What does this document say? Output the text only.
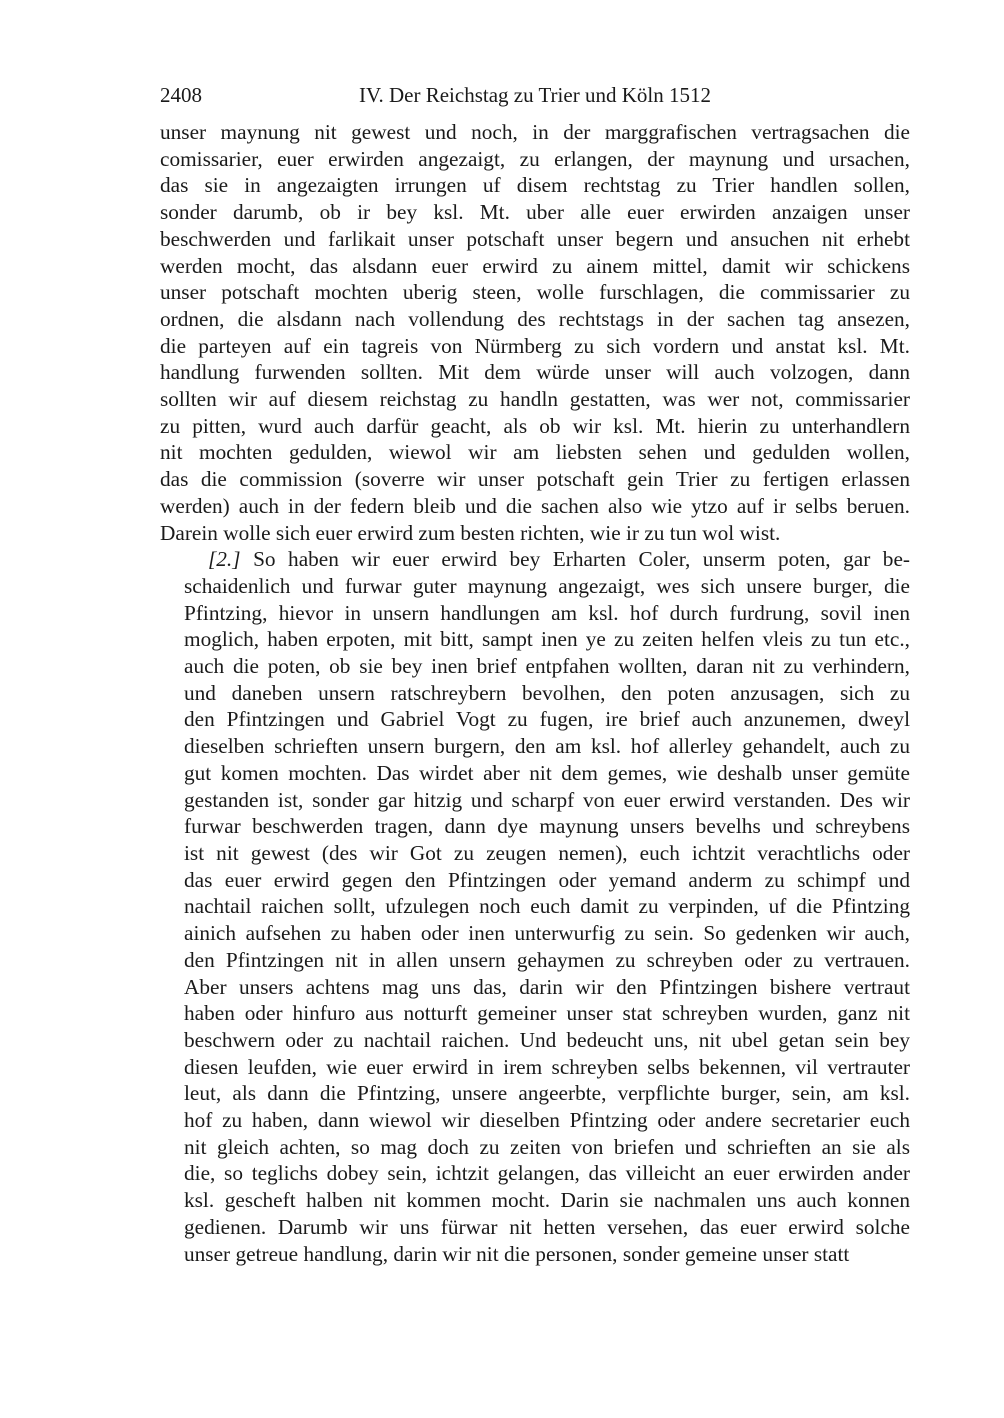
2408	IV. Der Reichstag zu Trier und Köln 1512
unser maynung nit gewest und noch, in der marggrafischen vertragsachen die
comissarier, euer erwirden angezaigt, zu erlangen, der maynung und ursachen,
das sie in angezaigten irrungen uf disem rechtstag zu Trier handlen sollen,
sonder darumb, ob ir bey ksl. Mt. uber alle euer erwirden anzaigen unser
beschwerden und farlikait unser potschaft unser begern und ansuchen nit erhebt
werden mocht, das alsdann euer erwird zu ainem mittel, damit wir schickens
unser potschaft mochten uberig steen, wolle furschlagen, die commissarier zu
ordnen, die alsdann nach vollendung des rechtstags in der sachen tag ansezen,
die parteyen auf ein tagreis von Nürmberg zu sich vordern und anstat ksl. Mt.
handlung furwenden sollten. Mit dem würde unser will auch volzogen, dann
sollten wir auf diesem reichstag zu handln gestatten, was wer not, commissarier
zu pitten, wurd auch darfür geacht, als ob wir ksl. Mt. hierin zu unterhandlern
nit mochten gedulden, wiewol wir am liebsten sehen und gedulden wollen,
das die commission (soverre wir unser potschaft gein Trier zu fertigen erlassen
werden) auch in der federn bleib und die sachen also wie ytzo auf ir selbs beruen.
Darein wolle sich euer erwird zum besten richten, wie ir zu tun wol wist.
[2.] So haben wir euer erwird bey Erharten Coler, unserm poten, gar be-
schaidenlich und furwar guter maynung angezaigt, wes sich unsere burger, die
Pfintzing, hievor in unsern handlungen am ksl. hof durch furdrung, sovil inen
moglich, haben erpoten, mit bitt, sampt inen ye zu zeiten helfen vleis zu tun etc.,
auch die poten, ob sie bey inen brief entpfahen wollten, daran nit zu verhindern,
und daneben unsern ratschreybern bevolhen, den poten anzusagen, sich zu
den Pfintzingen und Gabriel Vogt zu fugen, ire brief auch anzunemen, dweyl
dieselben schrieften unsern burgern, den am ksl. hof allerley gehandelt, auch zu
gut komen mochten. Das wirdet aber nit dem gemes, wie deshalb unser gemüte
gestanden ist, sonder gar hitzig und scharpf von euer erwird verstanden. Des wir
furwar beschwerden tragen, dann dye maynung unsers bevelhs und schreybens
ist nit gewest (des wir Got zu zeugen nemen), euch ichtzit verachtlichs oder
das euer erwird gegen den Pfintzingen oder yemand anderm zu schimpf und
nachtail raichen sollt, ufzulegen noch euch damit zu verpinden, uf die Pfintzing
ainich aufsehen zu haben oder inen unterwurfig zu sein. So gedenken wir auch,
den Pfintzingen nit in allen unsern gehaymen zu schreyben oder zu vertrauen.
Aber unsers achtens mag uns das, darin wir den Pfintzingen bishere vertraut
haben oder hinfuro aus notturft gemeiner unser stat schreyben wurden, ganz nit
beschwern oder zu nachtail raichen. Und bedeucht uns, nit ubel getan sein bey
diesen leufden, wie euer erwird in irem schreyben selbs bekennen, vil vertrauter
leut, als dann die Pfintzing, unsere angeerbte, verpflichte burger, sein, am ksl.
hof zu haben, dann wiewol wir dieselben Pfintzing oder andere secretarier euch
nit gleich achten, so mag doch zu zeiten von briefen und schrieften an sie als
die, so teglichs dobey sein, ichtzit gelangen, das villeicht an euer erwirden ander
ksl. gescheft halben nit kommen mocht. Darin sie nachmalen uns auch konnen
gedienen. Darumb wir uns fürwar nit hetten versehen, das euer erwird solche
unser getreue handlung, darin wir nit die personen, sonder gemeine unser statt
